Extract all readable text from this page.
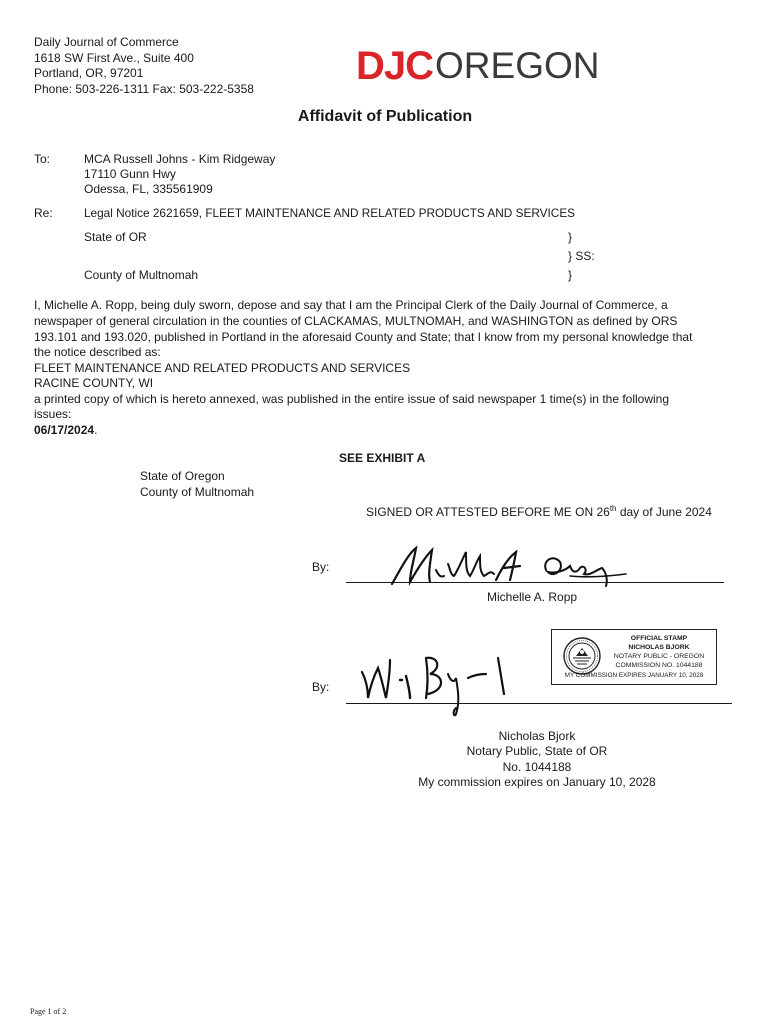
Daily Journal of Commerce
1618 SW First Ave., Suite 400
Portland, OR, 97201
Phone: 503-226-1311 Fax: 503-222-5358
DJC OREGON
Affidavit of Publication
To:	MCA Russell Johns - Kim Ridgeway
17110 Gunn Hwy
Odessa, FL, 335561909
Re:	Legal Notice 2621659, FLEET MAINTENANCE AND RELATED PRODUCTS AND SERVICES
State of OR
County of Multnomah
}
} SS:
}
I, Michelle A. Ropp, being duly sworn, depose and say that I am the Principal Clerk of the Daily Journal of Commerce, a
newspaper of general circulation in the counties of CLACKAMAS, MULTNOMAH, and WASHINGTON as defined by ORS
193.101 and 193.020, published in Portland in the aforesaid County and State; that I know from my personal knowledge that
the notice described as:
FLEET MAINTENANCE AND RELATED PRODUCTS AND SERVICES
RACINE COUNTY, WI
a printed copy of which is hereto annexed, was published in the entire issue of said newspaper 1 time(s) in the following
issues:
06/17/2024.
SEE EXHIBIT A
State of Oregon
County of Multnomah
SIGNED OR ATTESTED BEFORE ME ON 26th day of June 2024
By:
Michelle A. Ropp
OFFICIAL STAMP
NICHOLAS BJORK
NOTARY PUBLIC - OREGON
COMMISSION NO. 1044188
MY COMMISSION EXPIRES JANUARY 10, 2028
By:
Nicholas Bjork
Notary Public, State of OR
No. 1044188
My commission expires on January 10, 2028
Page 1 of 2
